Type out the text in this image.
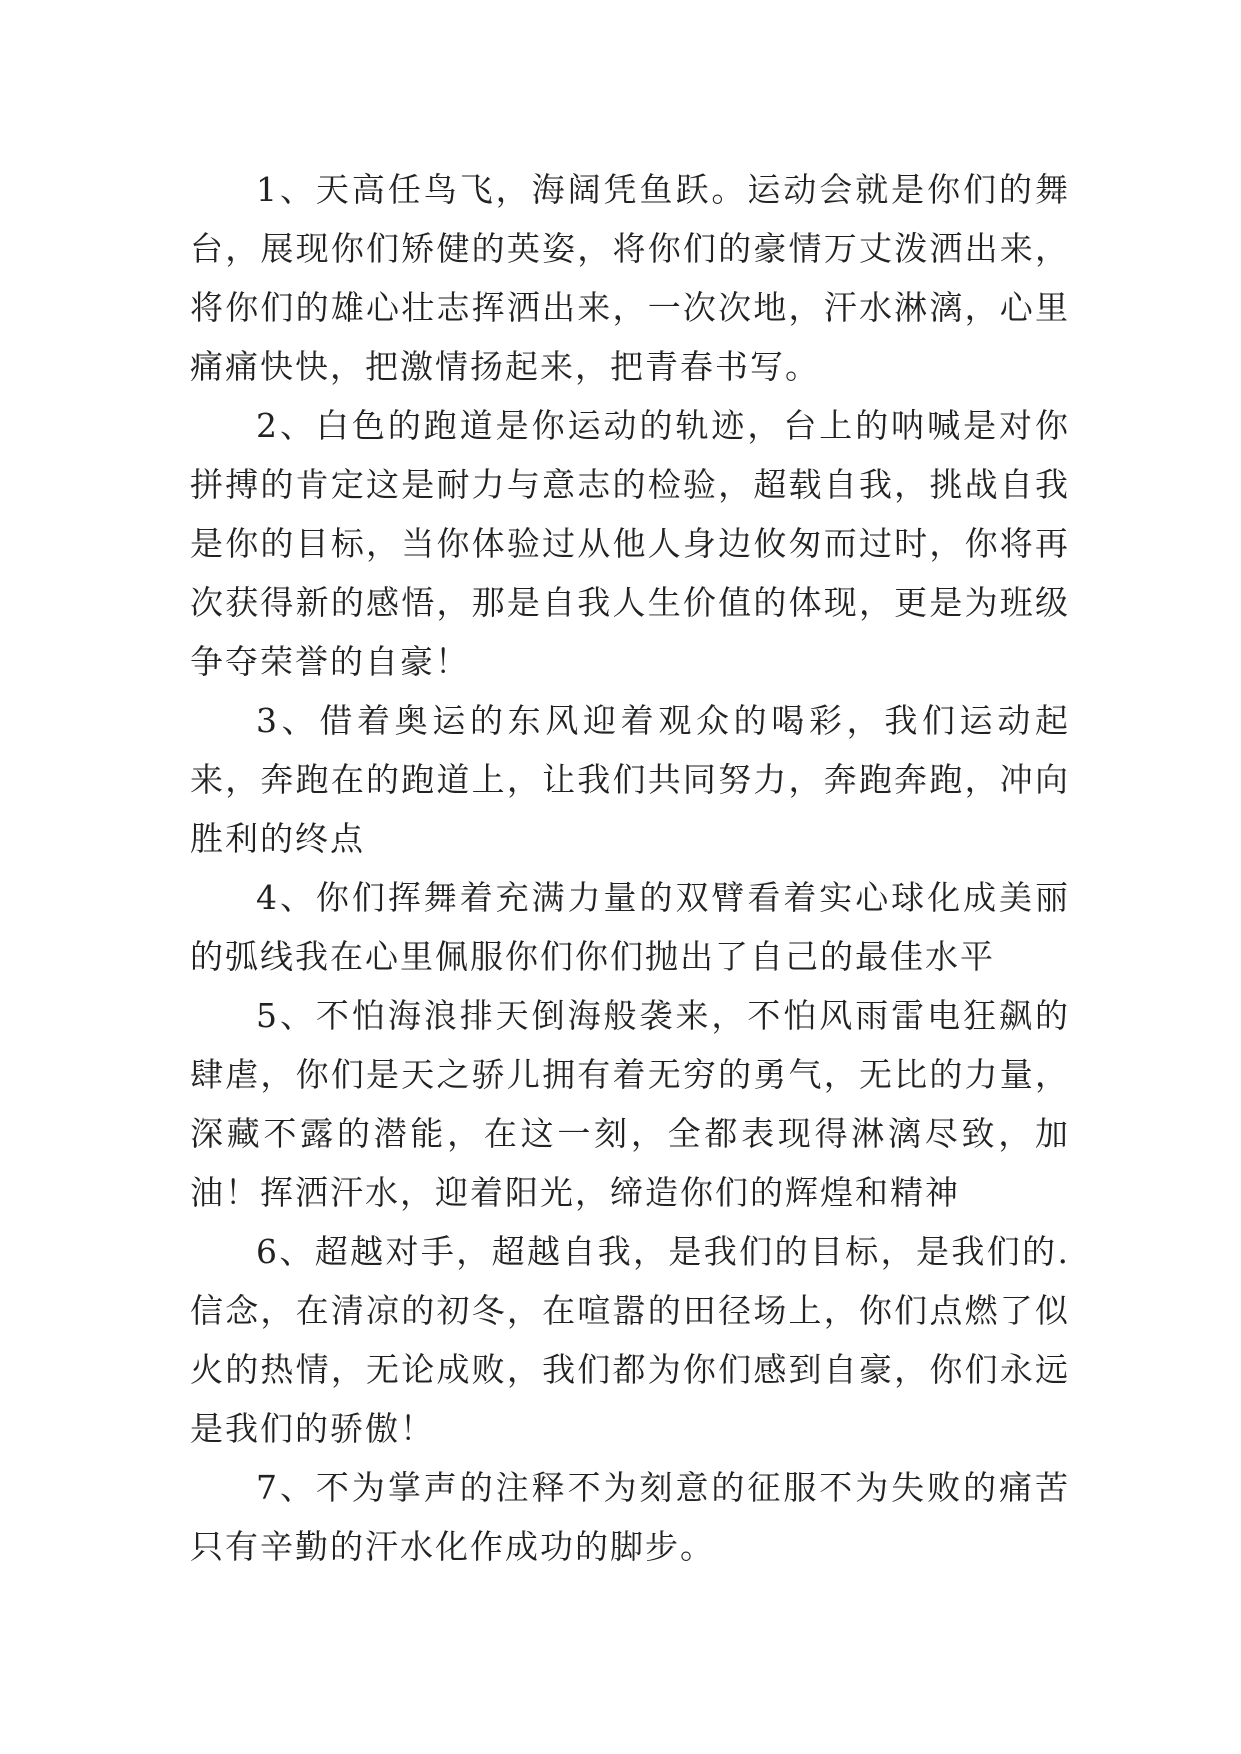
1、天高任鸟飞，海阔凭鱼跃。运动会就是你们的舞台，展现你们矫健的英姿，将你们的豪情万丈泼洒出来，将你们的雄心壮志挥洒出来，一次次地，汗水淋漓，心里痛痛快快，把激情扬起来，把青春书写。

2、白色的跑道是你运动的轨迹，台上的呐喊是对你拼搏的肯定这是耐力与意志的检验，超载自我，挑战自我是你的目标，当你体验过从他人身边攸匆而过时，你将再次获得新的感悟，那是自我人生价值的体现，更是为班级争夺荣誉的自豪！

3、借着奥运的东风迎着观众的喝彩，我们运动起来，奔跑在的跑道上，让我们共同努力，奔跑奔跑，冲向胜利的终点

4、你们挥舞着充满力量的双臂看着实心球化成美丽的弧线我在心里佩服你们你们抛出了自己的最佳水平

5、不怕海浪排天倒海般袭来，不怕风雨雷电狂飙的肆虐，你们是天之骄儿拥有着无穷的勇气，无比的力量，深藏不露的潜能，在这一刻，全都表现得淋漓尽致，加油！挥洒汗水，迎着阳光，缔造你们的辉煌和精神

6、超越对手，超越自我，是我们的目标，是我们的.信念，在清凉的初冬，在喧嚣的田径场上，你们点燃了似火的热情，无论成败，我们都为你们感到自豪，你们永远是我们的骄傲！

7、不为掌声的注释不为刻意的征服不为失败的痛苦只有辛勤的汗水化作成功的脚步。
